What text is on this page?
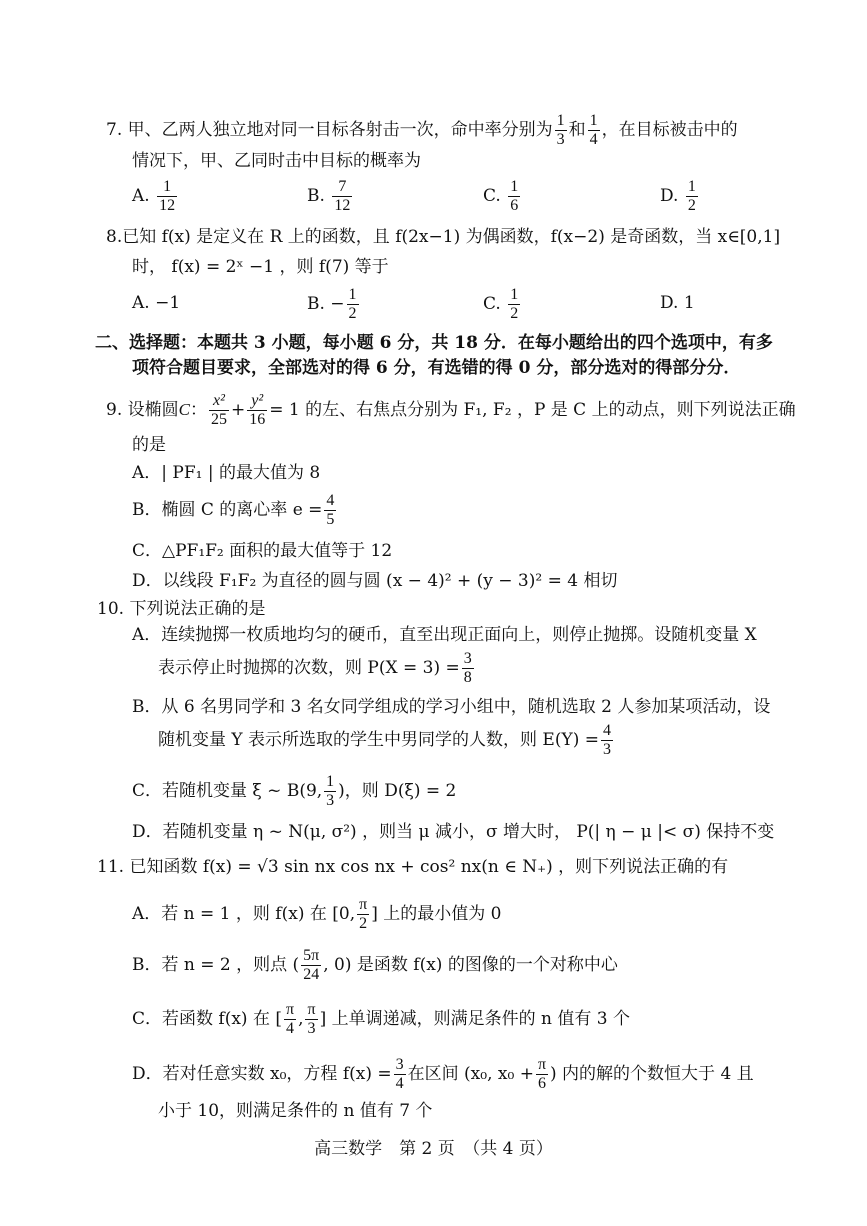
7. 甲、乙两人独立地对同一目标各射击一次，命中率分别为 $\frac{1}{3}$ 和 $\frac{1}{4}$ ，在目标被击中的
情况下，甲、乙同时击中目标的概率为
A. $\frac{1}{12}$	B. $\frac{7}{12}$	C. $\frac{1}{6}$	D. $\frac{1}{2}$
8.已知 f(x) 是定义在 R 上的函数，且 f(2x−1) 为偶函数，f(x−2) 是奇函数，当 x∈[0,1]
时， f(x) = 2ˣ −1 ，则 f(7) 等于
A. −1	B. − $\frac{1}{2}$	C. $\frac{1}{2}$	D. 1
二、选择题：本题共 3 小题，每小题 6 分，共 18 分．在每小题给出的四个选项中，有多
项符合题目要求，全部选对的得 6 分，有选错的得 0 分，部分选对的得部分分．
9. 设椭圆C： $\frac{\text{x²}}{25} + \frac{\text{y²}}{16} = 1$ 的左、右焦点分别为 F₁, F₂ ，P 是 C 上的动点，则下列说法正确
的是
A．| PF₁ | 的最大值为 8
B．椭圆 C 的离心率 $e = \frac{4}{5}$
C．△PF₁F₂ 面积的最大值等于 12
D．以线段 F₁F₂ 为直径的圆与圆 (x − 4)² + (y − 3)² = 4 相切
10. 下列说法正确的是
A．连续抛掷一枚质地均匀的硬币，直至出现正面向上，则停止抛掷。设随机变量 X
表示停止时抛掷的次数，则 $P(X = 3) = \frac{3}{8}$
B．从 6 名男同学和 3 名女同学组成的学习小组中，随机选取 2 人参加某项活动，设
随机变量 Y 表示所选取的学生中男同学的人数，则 $E(Y) = \frac{4}{3}$
C．若随机变量 ξ ~ B(9, $\frac{1}{3}$ )，则 D(ξ) = 2
D．若随机变量 η ~ N(μ, σ²) ，则当 μ 减小，σ 增大时， P(| η − μ |< σ) 保持不变
11. 已知函数 f(x) = √3 sin nx cos nx + cos² nx(n ∈ N₊) ，则下列说法正确的有
A．若 n = 1 ，则 f(x) 在 [0, $\frac{\pi}{2}$ ] 上的最小值为 0
B．若 n = 2 ，则点 ( $\frac{5\pi}{24}$ , 0) 是函数 f(x) 的图像的一个对称中心
C．若函数 f(x) 在 [ $\frac{\pi}{4}$ , $\frac{\pi}{3}$ ] 上单调递减，则满足条件的 n 值有 3 个
D．若对任意实数 x₀，方程 $f(x) = \frac{3}{4}$ 在区间 (x₀, $x_0 + \frac{\pi}{6}$ ) 内的解的个数恒大于 4 且
小于 10，则满足条件的 n 值有 7 个
高三数学　第 2 页　（共 4 页）
